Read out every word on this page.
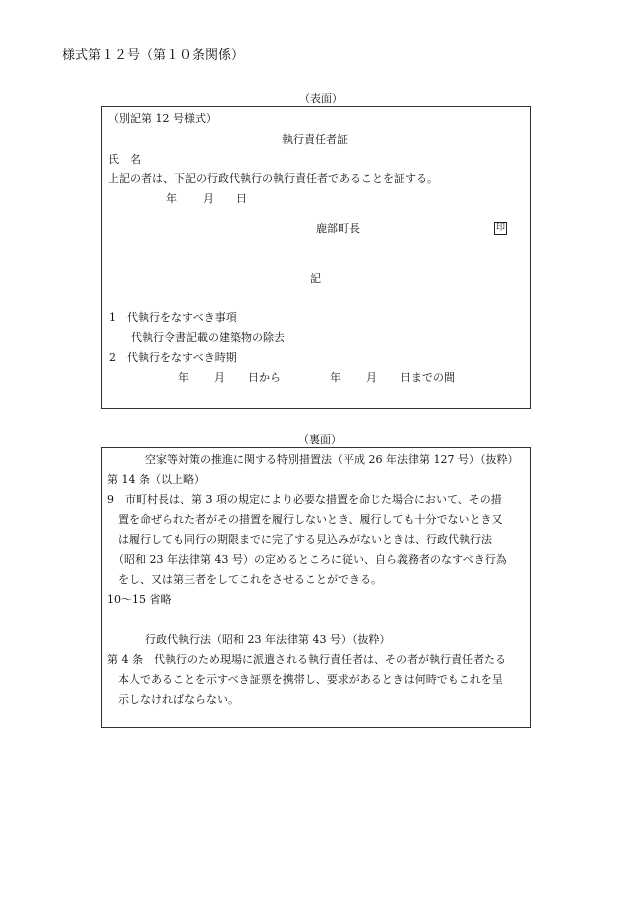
様式第１２号（第１０条関係）
（表面）
（別記第 12 号様式）
執行責任者証
氏　名
上記の者は、下記の行政代執行の執行責任者であることを証する。
年 月 日
鹿部町長	印
記
1　代執行をなすべき事項
代執行令書記載の建築物の除去
2　代執行をなすべき時期
年 月 日から	年 月 日までの間
（裏面）
空家等対策の推進に関する特別措置法（平成 26 年法律第 127 号）（抜粋）
第 14 条（以上略）
9　市町村長は、第 3 項の規定により必要な措置を命じた場合において、その措
置を命ぜられた者がその措置を履行しないとき、履行しても十分でないとき又
は履行しても同行の期限までに完了する見込みがないときは、行政代執行法
（昭和 23 年法律第 43 号）の定めるところに従い、自ら義務者のなすべき行為
をし、又は第三者をしてこれをさせることができる。
10〜15 省略
行政代執行法（昭和 23 年法律第 43 号）（抜粋）
第 4 条　代執行のため現場に派遣される執行責任者は、その者が執行責任者たる
本人であることを示すべき証票を携帯し、要求があるときは何時でもこれを呈
示しなければならない。
